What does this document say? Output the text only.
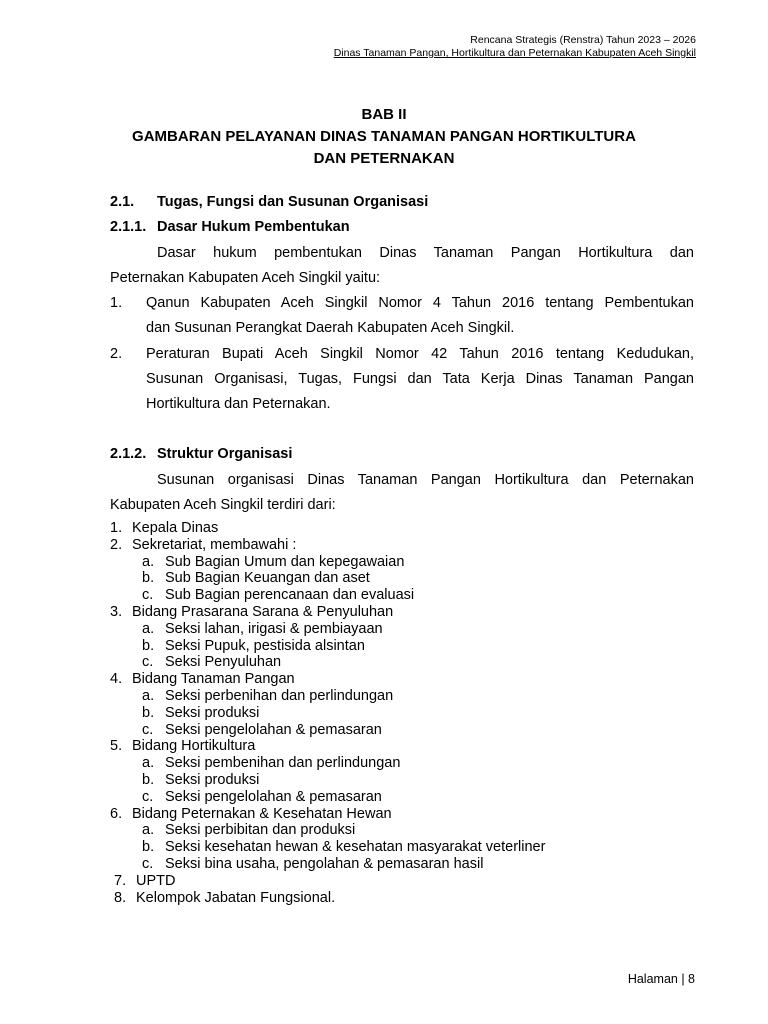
Rencana Strategis (Renstra) Tahun 2023 – 2026
Dinas Tanaman Pangan, Hortikultura dan Peternakan Kabupaten Aceh Singkil
BAB II
GAMBARAN PELAYANAN DINAS TANAMAN PANGAN HORTIKULTURA
DAN PETERNAKAN
2.1. Tugas, Fungsi dan Susunan Organisasi
2.1.1. Dasar Hukum Pembentukan
Dasar hukum pembentukan Dinas Tanaman Pangan Hortikultura dan
Peternakan Kabupaten Aceh Singkil yaitu:
1. Qanun Kabupaten Aceh Singkil Nomor 4 Tahun 2016 tentang Pembentukan
dan Susunan Perangkat Daerah Kabupaten Aceh Singkil.
2. Peraturan Bupati Aceh Singkil Nomor 42 Tahun 2016 tentang Kedudukan,
Susunan Organisasi, Tugas, Fungsi dan Tata Kerja Dinas Tanaman Pangan
Hortikultura dan Peternakan.
2.1.2. Struktur Organisasi
Susunan organisasi Dinas Tanaman Pangan Hortikultura dan Peternakan
Kabupaten Aceh Singkil terdiri dari:
1. Kepala Dinas
2. Sekretariat, membawahi :
a. Sub Bagian Umum dan kepegawaian
b. Sub Bagian Keuangan dan aset
c. Sub Bagian perencanaan dan evaluasi
3. Bidang Prasarana Sarana & Penyuluhan
a. Seksi lahan, irigasi & pembiayaan
b. Seksi Pupuk, pestisida alsintan
c. Seksi Penyuluhan
4. Bidang Tanaman Pangan
a. Seksi perbenihan dan perlindungan
b. Seksi produksi
c. Seksi pengelolahan & pemasaran
5. Bidang Hortikultura
a. Seksi pembenihan dan perlindungan
b. Seksi produksi
c. Seksi pengelolahan & pemasaran
6. Bidang Peternakan & Kesehatan Hewan
a. Seksi perbibitan dan produksi
b. Seksi kesehatan hewan & kesehatan masyarakat veterliner
c. Seksi bina usaha, pengolahan & pemasaran hasil
7. UPTD
8. Kelompok Jabatan Fungsional.
Halaman | 8
